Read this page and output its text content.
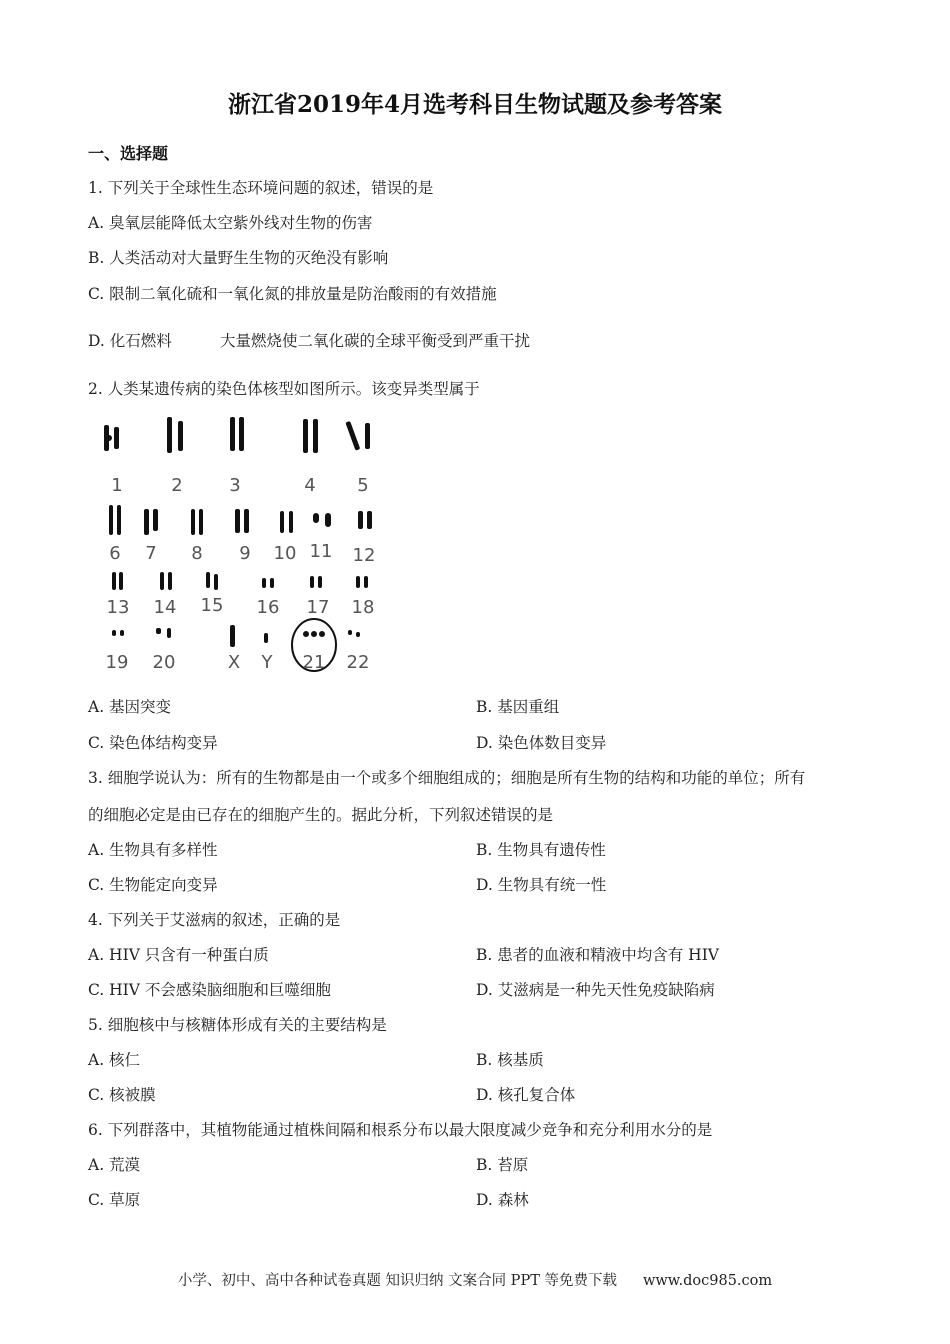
浙江省2019年4月选考科目生物试题及参考答案
一、选择题
1. 下列关于全球性生态环境问题的叙述，错误的是
A. 臭氧层能降低太空紫外线对生物的伤害
B. 人类活动对大量野生生物的灭绝没有影响
C. 限制二氧化硫和一氧化氮的排放量是防治酸雨的有效措施
D. 化石燃料	大量燃烧使二氧化碳的全球平衡受到严重干扰
2. 人类某遗传病的染色体核型如图所示。该变异类型属于
1	2	3	4 5
6 7 8 9 10 11 12
13 14 15 16 17 18
19 20	X Y 21 22
A. 基因突变	B. 基因重组
C. 染色体结构变异	D. 染色体数目变异
3. 细胞学说认为：所有的生物都是由一个或多个细胞组成的；细胞是所有生物的结构和功能的单位；所有
的细胞必定是由已存在的细胞产生的。据此分析，下列叙述错误的是
A. 生物具有多样性	B. 生物具有遗传性
C. 生物能定向变异	D. 生物具有统一性
4. 下列关于艾滋病的叙述，正确的是
A. HIV 只含有一种蛋白质	B. 患者的血液和精液中均含有 HIV
C. HIV 不会感染脑细胞和巨噬细胞	D. 艾滋病是一种先天性免疫缺陷病
5. 细胞核中与核糖体形成有关的主要结构是
A. 核仁	B. 核基质
C. 核被膜	D. 核孔复合体
6. 下列群落中，其植物能通过植株间隔和根系分布以最大限度减少竞争和充分利用水分的是
A. 荒漠	B. 苔原
C. 草原	D. 森林
小学、初中、高中各种试卷真题 知识归纳 文案合同 PPT 等免费下载 www.doc985.com
